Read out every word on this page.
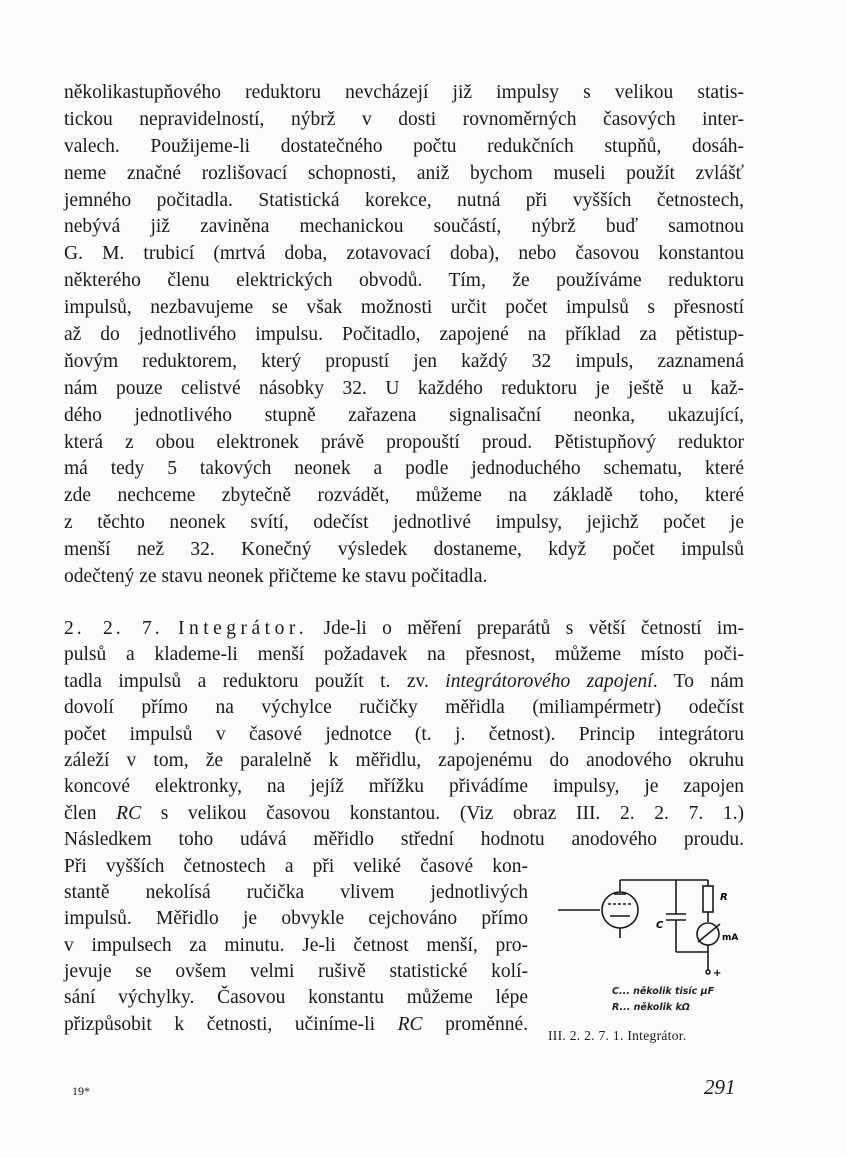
několikastupňového reduktoru nevcházejí již impulsy s velikou statis-
tickou nepravidelností, nýbrž v dosti rovnoměrných časových inter-
valech. Použijeme-li dostatečného počtu redukčních stupňů, dosáh-
neme značné rozlišovací schopnosti, aniž bychom museli použít zvlášť
jemného počitadla. Statistická korekce, nutná při vyšších četnostech,
nebývá již zaviněna mechanickou součástí, nýbrž buď samotnou
G. M. trubicí (mrtvá doba, zotavovací doba), nebo časovou konstantou
některého členu elektrických obvodů. Tím, že používáme reduktoru
impulsů, nezbavujeme se však možnosti určit počet impulsů s přesností
až do jednotlivého impulsu. Počitadlo, zapojené na příklad za pětistup-
ňovým reduktorem, který propustí jen každý 32 impuls, zaznamená
nám pouze celistvé násobky 32. U každého reduktoru je ještě u kaž-
dého jednotlivého stupně zařazena signalisační neonka, ukazující,
která z obou elektronek právě propouští proud. Pětistupňový reduktor
má tedy 5 takových neonek a podle jednoduchého schematu, které
zde nechceme zbytečně rozvádět, můžeme na základě toho, které
z těchto neonek svítí, odečíst jednotlivé impulsy, jejichž počet je
menší než 32. Konečný výsledek dostaneme, když počet impulsů
odečtený ze stavu neonek přičteme ke stavu počitadla.
2. 2. 7. Integrátor. Jde-li o měření preparátů s větší četností im-
pulsů a klademe-li menší požadavek na přesnost, můžeme místo poči-
tadla impulsů a reduktoru použít t. zv. integrátorového zapojení. To nám
dovolí přímo na výchylce ručičky měřidla (miliampérmetr) odečíst
počet impulsů v časové jednotce (t. j. četnost). Princip integrátoru
záleží v tom, že paralelně k měřidlu, zapojenému do anodového okruhu
koncové elektronky, na jejíž mřížku přivádíme impulsy, je zapojen
člen RC s velikou časovou konstantou. (Viz obraz III. 2. 2. 7. 1.)
Následkem toho udává měřidlo střední hodnotu anodového proudu.
Při vyšších četnostech a při veliké časové kon-
stantě nekolísá ručička vlivem jednotlivých
impulsů. Měřidlo je obvykle cejchováno přímo
v impulsech za minutu. Je-li četnost menší, pro-
jevuje se ovšem velmi rušivě statistické kolí-
sání výchylky. Časovou konstantu můžeme lépe
přizpůsobit k četnosti, učiníme-li RC proměnné.
R
C
mA
+
C... několik tisíc μF
R... několik kΩ
III. 2. 2. 7. 1. Integrátor.
19*	291
